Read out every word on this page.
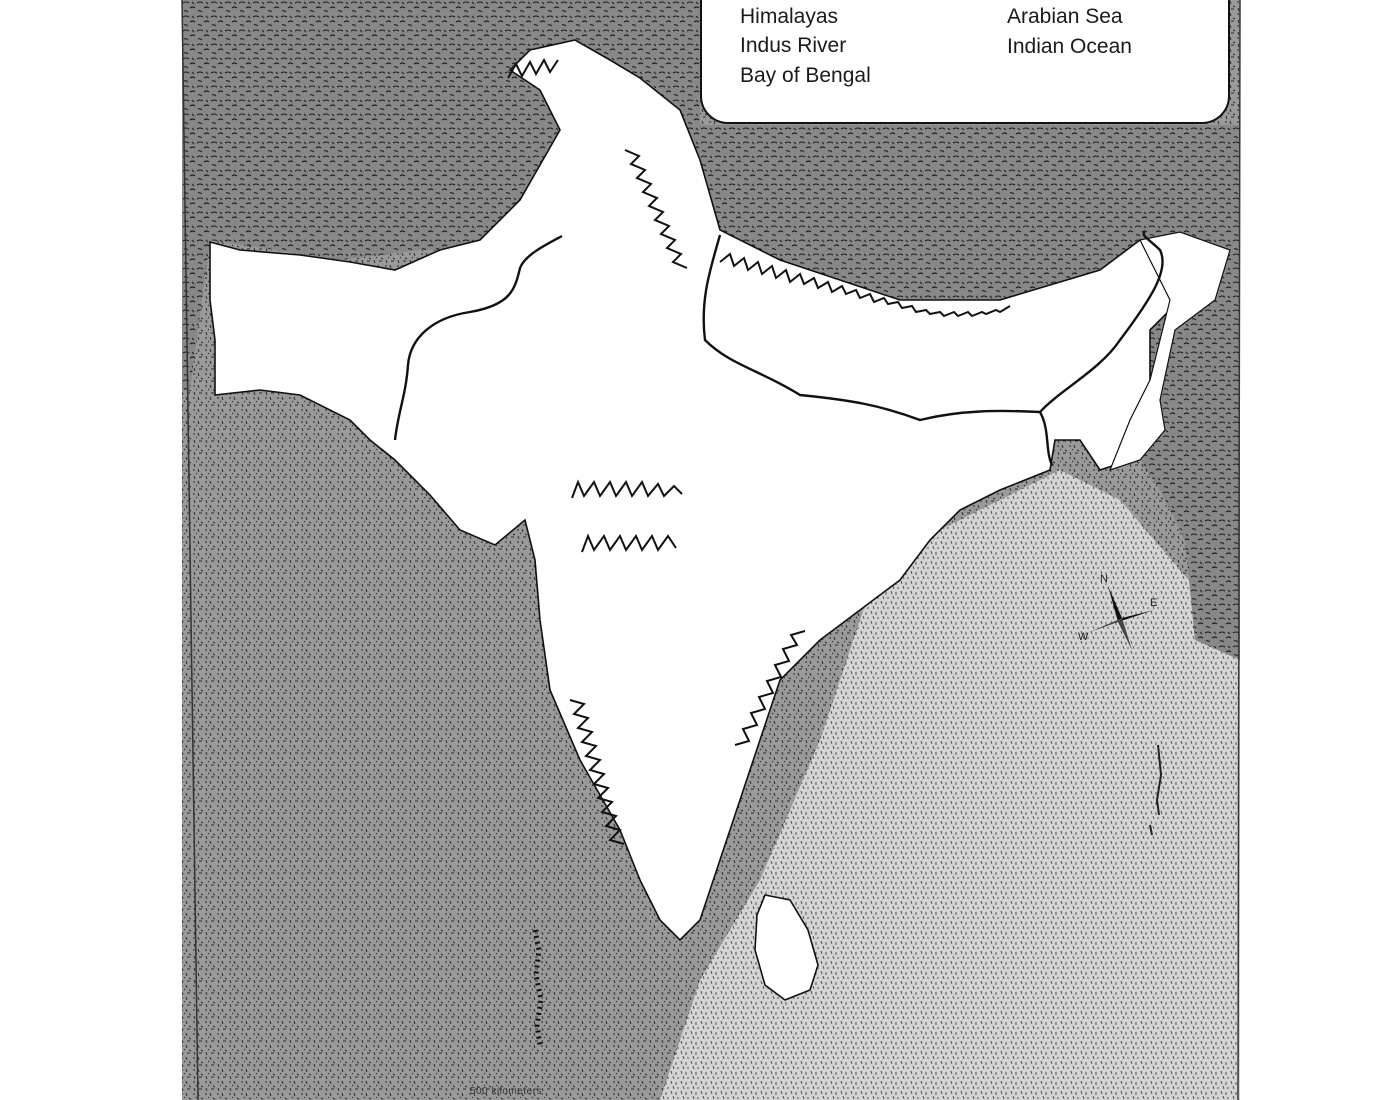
N
E
W
Himalayas
Indus River
Bay of Bengal
Arabian Sea
Indian Ocean
500 kilometers
